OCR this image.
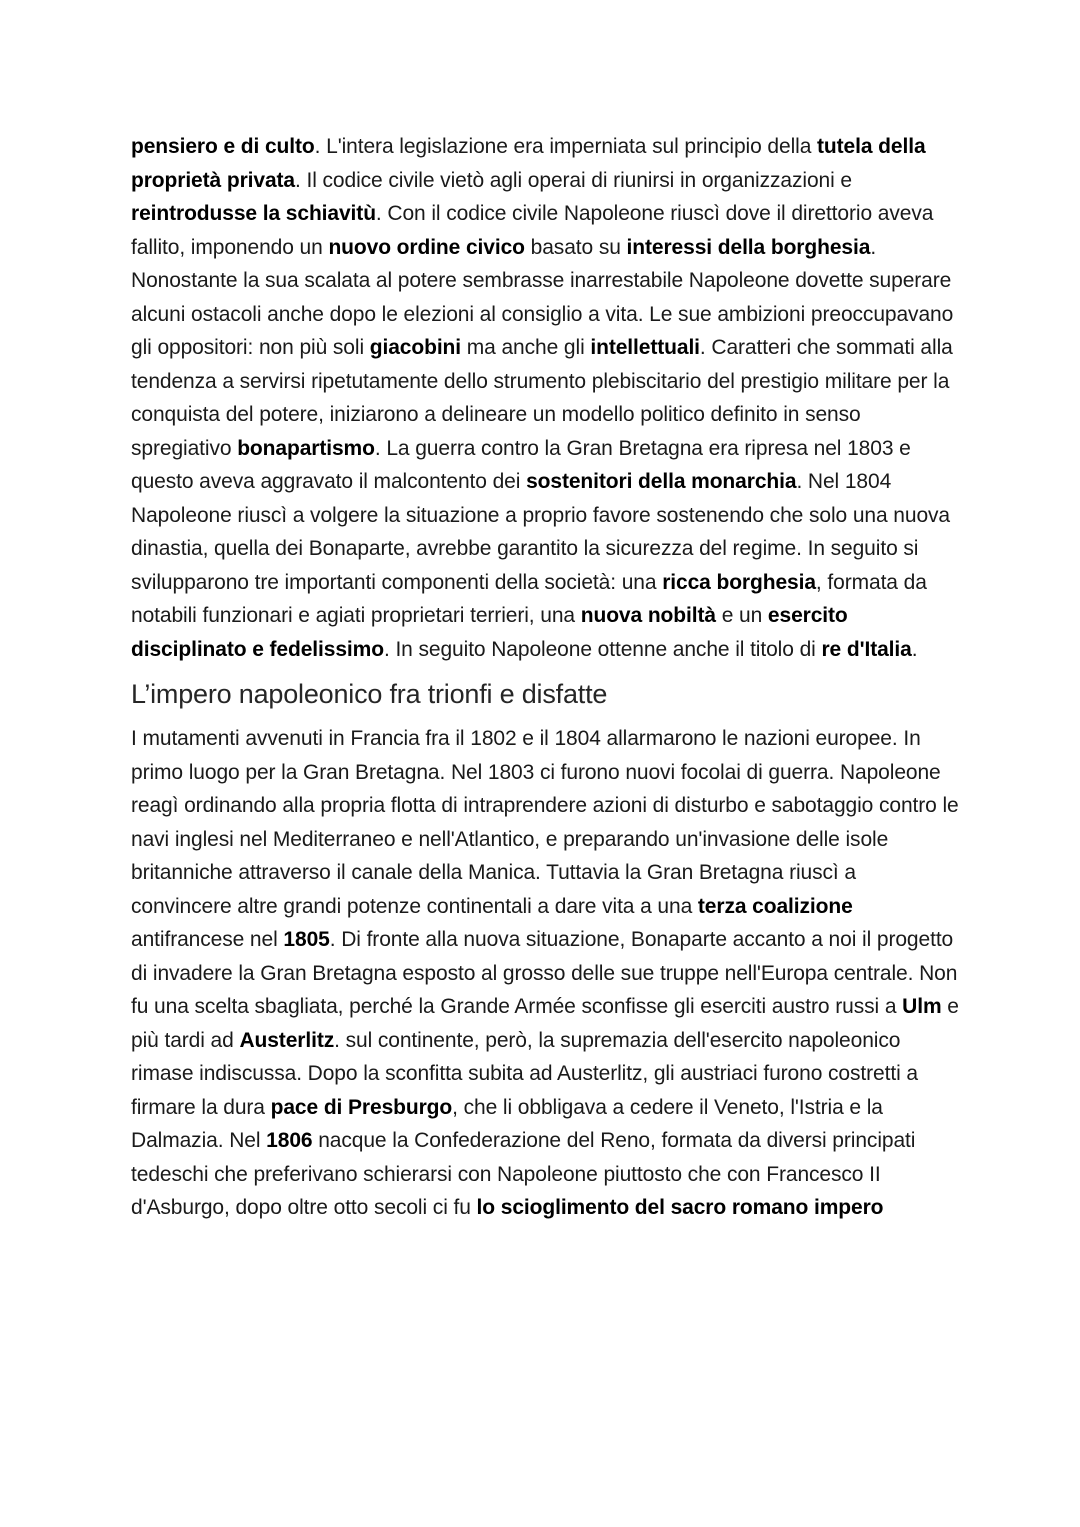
pensiero e di culto. L'intera legislazione era imperniata sul principio della tutela della proprietà privata. Il codice civile vietò agli operai di riunirsi in organizzazioni e reintrodusse la schiavitù. Con il codice civile Napoleone riuscì dove il direttorio aveva fallito, imponendo un nuovo ordine civico basato su interessi della borghesia. Nonostante la sua scalata al potere sembrasse inarrestabile Napoleone dovette superare alcuni ostacoli anche dopo le elezioni al consiglio a vita. Le sue ambizioni preoccupavano gli oppositori: non più soli giacobini ma anche gli intellettuali. Caratteri che sommati alla tendenza a servirsi ripetutamente dello strumento plebiscitario del prestigio militare per la conquista del potere, iniziarono a delineare un modello politico definito in senso spregiativo bonapartismo. La guerra contro la Gran Bretagna era ripresa nel 1803 e questo aveva aggravato il malcontento dei sostenitori della monarchia. Nel 1804 Napoleone riuscì a volgere la situazione a proprio favore sostenendo che solo una nuova dinastia, quella dei Bonaparte, avrebbe garantito la sicurezza del regime. In seguito si svilupparono tre importanti componenti della società: una ricca borghesia, formata da notabili funzionari e agiati proprietari terrieri, una nuova nobiltà e un esercito disciplinato e fedelissimo. In seguito Napoleone ottenne anche il titolo di re d'Italia.

L’impero napoleonico fra trionfi e disfatte

I mutamenti avvenuti in Francia fra il 1802 e il 1804 allarmarono le nazioni europee. In primo luogo per la Gran Bretagna. Nel 1803 ci furono nuovi focolai di guerra. Napoleone reagì ordinando alla propria flotta di intraprendere azioni di disturbo e sabotaggio contro le navi inglesi nel Mediterraneo e nell'Atlantico, e preparando un'invasione delle isole britanniche attraverso il canale della Manica. Tuttavia la Gran Bretagna riuscì a convincere altre grandi potenze continentali a dare vita a una terza coalizione antifrancese nel 1805. Di fronte alla nuova situazione, Bonaparte accanto a noi il progetto di invadere la Gran Bretagna esposto al grosso delle sue truppe nell'Europa centrale. Non fu una scelta sbagliata, perché la Grande Armée sconfisse gli eserciti austro russi a Ulm e più tardi ad Austerlitz. sul continente, però, la supremazia dell'esercito napoleonico rimase indiscussa. Dopo la sconfitta subita ad Austerlitz, gli austriaci furono costretti a firmare la dura pace di Presburgo, che li obbligava a cedere il Veneto, l'Istria e la Dalmazia. Nel 1806 nacque la Confederazione del Reno, formata da diversi principati tedeschi che preferivano schierarsi con Napoleone piuttosto che con Francesco II d'Asburgo, dopo oltre otto secoli ci fu lo scioglimento del sacro romano impero
